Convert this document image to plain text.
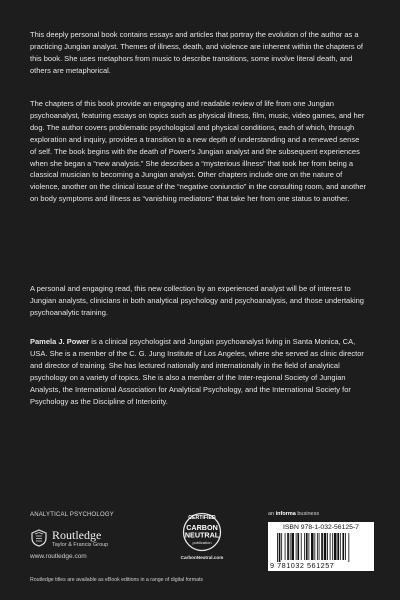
This deeply personal book contains essays and articles that portray the evolution of the author as a practicing Jungian analyst. Themes of illness, death, and violence are inherent within the chapters of this book. She uses metaphors from music to describe transitions, some involve literal death, and others are metaphorical.

The chapters of this book provide an engaging and readable review of life from one Jungian psychoanalyst, featuring essays on topics such as physical illness, film, music, video games, and her dog. The author covers problematic psychological and physical conditions, each of which, through exploration and inquiry, provides a transition to a new depth of understanding and a renewed sense of self. The book begins with the death of Power's Jungian analyst and the subsequent experiences when she began a “new analysis.” She describes a “mysterious illness” that took her from being a classical musician to becoming a Jungian analyst. Other chapters include one on the nature of violence, another on the clinical issue of the “negative coniunctio” in the consulting room, and another on body symptoms and illness as “vanishing mediators” that take her from one status to another.

A personal and engaging read, this new collection by an experienced analyst will be of interest to Jungian analysts, clinicians in both analytical psychology and psychoanalysis, and those undertaking psychoanalytic training.

Pamela J. Power is a clinical psychologist and Jungian psychoanalyst living in Santa Monica, CA, USA. She is a member of the C. G. Jung Institute of Los Angeles, where she served as clinic director and director of training. She has lectured nationally and internationally in the field of analytical psychology on a variety of topics. She is also a member of the Inter-regional Society of Jungian Analysts, the International Association for Analytical Psychology, and the International Society for Psychology as the Discipline of Interiority.

ANALYTICAL PSYCHOLOGY
Routledge
Taylor & Francis Group
www.routledge.com
CERTIFIED
CARBON
NEUTRAL
publication
CarbonNeutral.com
an informa business
ISBN 978-1-032-56125-7
9 781032 561257
Routledge titles are available as eBook editions in a range of digital formats
